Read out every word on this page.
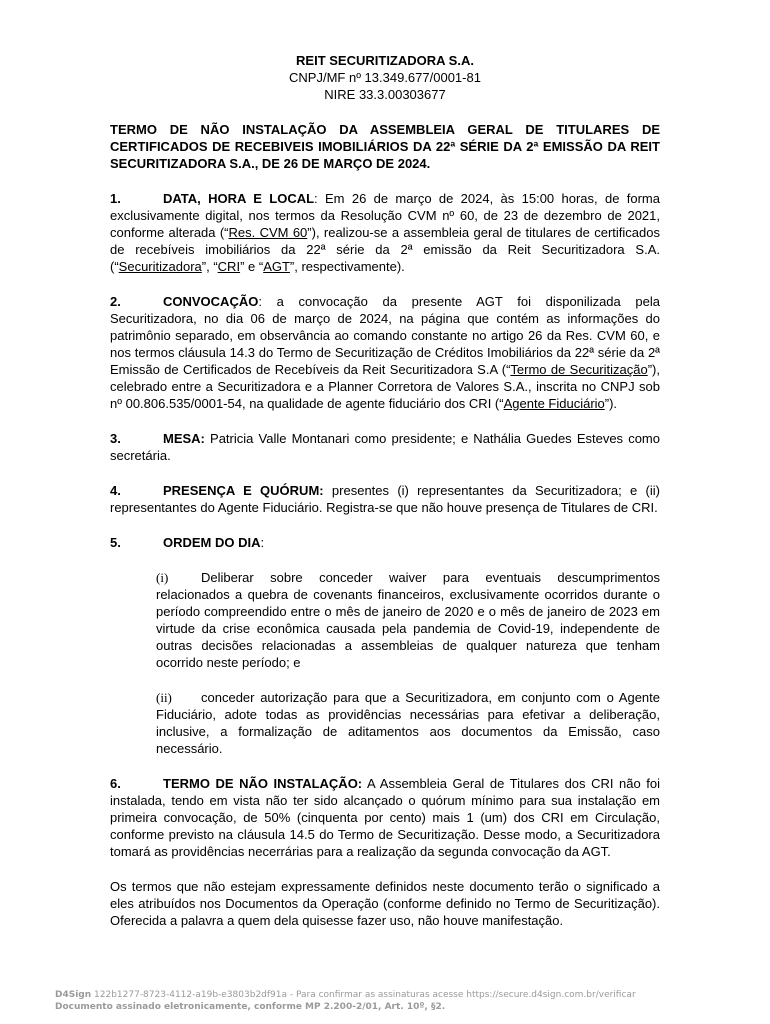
REIT SECURITIZADORA S.A.
CNPJ/MF nº 13.349.677/0001-81
NIRE 33.3.00303677
TERMO DE NÃO INSTALAÇÃO DA ASSEMBLEIA GERAL DE TITULARES DE CERTIFICADOS DE RECEBIVEIS IMOBILIÁRIOS DA 22ª SÉRIE DA 2ª EMISSÃO DA REIT SECURITIZADORA S.A., DE 26 DE MARÇO DE 2024.
1.	DATA, HORA E LOCAL: Em 26 de março de 2024, às 15:00 horas, de forma exclusivamente digital, nos termos da Resolução CVM nº 60, de 23 de dezembro de 2021, conforme alterada (“Res. CVM 60”), realizou-se a assembleia geral de titulares de certificados de recebíveis imobiliários da 22ª série da 2ª emissão da Reit Securitizadora S.A. (“Securitizadora”, “CRI” e “AGT”, respectivamente).
2.	CONVOCAÇÃO: a convocação da presente AGT foi disponilizada pela Securitizadora, no dia 06 de março de 2024, na página que contém as informações do patrimônio separado, em observância ao comando constante no artigo 26 da Res. CVM 60, e nos termos cláusula 14.3 do Termo de Securitização de Créditos Imobiliários da 22ª série da 2ª Emissão de Certificados de Recebíveis da Reit Securitizadora S.A (“Termo de Securitização”), celebrado entre a Securitizadora e a Planner Corretora de Valores S.A., inscrita no CNPJ sob nº 00.806.535/0001-54, na qualidade de agente fiduciário dos CRI (“Agente Fiduciário”).
3.	MESA: Patricia Valle Montanari como presidente; e Nathália Guedes Esteves como secretária.
4.	PRESENÇA E QUÓRUM: presentes (i) representantes da Securitizadora; e (ii) representantes do Agente Fiduciário. Registra-se que não houve presença de Titulares de CRI.
5.	ORDEM DO DIA:
(i)	Deliberar sobre conceder waiver para eventuais descumprimentos relacionados a quebra de covenants financeiros, exclusivamente ocorridos durante o período compreendido entre o mês de janeiro de 2020 e o mês de janeiro de 2023 em virtude da crise econômica causada pela pandemia de Covid-19, independente de outras decisões relacionadas a assembleias de qualquer natureza que tenham ocorrido neste período; e
(ii) conceder autorização para que a Securitizadora, em conjunto com o Agente Fiduciário, adote todas as providências necessárias para efetivar a deliberação, inclusive, a formalização de aditamentos aos documentos da Emissão, caso necessário.
6.	TERMO DE NÃO INSTALAÇÃO: A Assembleia Geral de Titulares dos CRI não foi instalada, tendo em vista não ter sido alcançado o quórum mínimo para sua instalação em primeira convocação, de 50% (cinquenta por cento) mais 1 (um) dos CRI em Circulação, conforme previsto na cláusula 14.5 do Termo de Securitização. Desse modo, a Securitizadora tomará as providências necerrárias para a realização da segunda convocação da AGT.
Os termos que não estejam expressamente definidos neste documento terão o significado a eles atribuídos nos Documentos da Operação (conforme definido no Termo de Securitização). Oferecida a palavra a quem dela quisesse fazer uso, não houve manifestação.
D4Sign 122b1277-8723-4112-a19b-e3803b2df91a - Para confirmar as assinaturas acesse https://secure.d4sign.com.br/verificar
Documento assinado eletronicamente, conforme MP 2.200-2/01, Art. 10º, §2.
